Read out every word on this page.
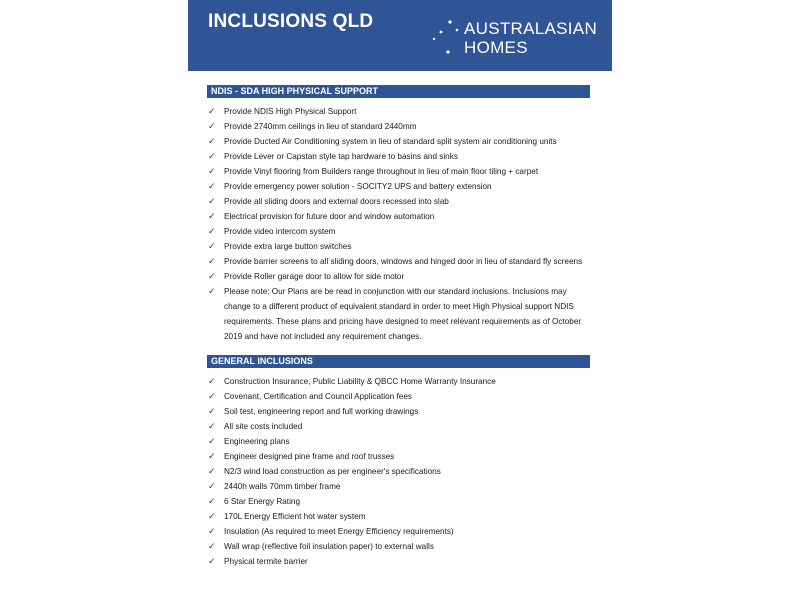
INCLUSIONS QLD	AUSTRALASIAN
HOMES
NDIS - SDA HIGH PHYSICAL SUPPORT
✓ Provide NDIS High Physical Support
✓ Provide 2740mm ceilings in lieu of standard 2440mm
✓ Provide Ducted Air Conditioning system in lieu of standard split system air conditioning units
✓ Provide Lever or Capstan style tap hardware to basins and sinks
✓ Provide Vinyl flooring from Builders range throughout in lieu of main floor tiling + carpet
✓ Provide emergency power solution - SOCITY2 UPS and battery extension
✓ Provide all sliding doors and external doors recessed into slab
✓ Electrical provision for future door and window automation
✓ Provide video intercom system
✓ Provide extra large button switches
✓ Provide barrier screens to all sliding doors, windows and hinged door in lieu of standard fly screens
✓ Provide Roller garage door to allow for side motor
✓ Please note: Our Plans are be read in conjunction with our standard inclusions. Inclusions may change to a different product of equivalent standard in order to meet High Physical support NDIS requirements. These plans and pricing have designed to meet relevant requirements as of October 2019 and have not included any requirement changes.
GENERAL INCLUSIONS
✓ Construction Insurance, Public Liability & QBCC Home Warranty Insurance
✓ Covenant, Certification and Council Application fees
✓ Soil test, engineering report and full working drawings
✓ All site costs included
✓ Engineering plans
✓ Engineer designed pine frame and roof trusses
✓ N2/3 wind load construction as per engineer's specifications
✓ 2440h walls 70mm timber frame
✓ 6 Star Energy Rating
✓ 170L Energy Efficient hot water system
✓ Insulation (As required to meet Energy Efficiency requirements)
✓ Wall wrap (reflective foil insulation paper) to external walls
✓ Physical termite barrier
